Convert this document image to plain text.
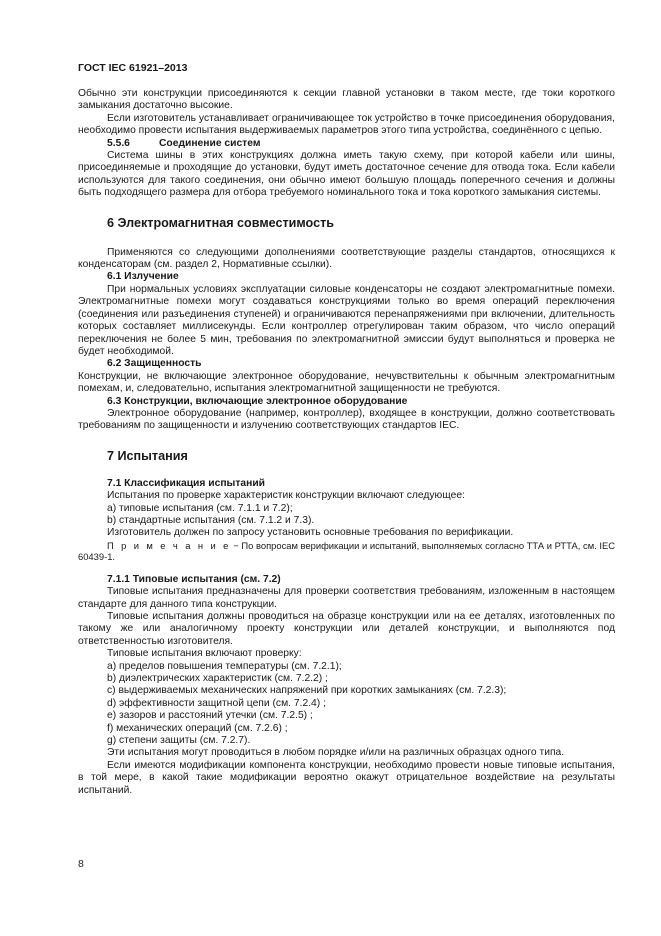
ГОСТ IEC 61921–2013

Обычно эти конструкции присоединяются к секции главной установки в таком месте, где токи короткого замыкания достаточно высокие.

Если изготовитель устанавливает ограничивающее ток устройство в точке присоединения оборудования, необходимо провести испытания выдерживаемых параметров этого типа устройства, соединённого с цепью.

5.5.6	Соединение систем

Система шины в этих конструкциях должна иметь такую схему, при которой кабели или шины, присоединяемые и проходящие до установки, будут иметь достаточное сечение для отвода тока. Если кабели используются для такого соединения, они обычно имеют большую площадь поперечного сечения и должны быть подходящего размера для отбора требуемого номинального тока и тока короткого замыкания системы.

6 Электромагнитная совместимость

Применяются со следующими дополнениями соответствующие разделы стандартов, относящихся к конденсаторам (см. раздел 2, Нормативные ссылки).

6.1 Излучение

При нормальных условиях эксплуатации силовые конденсаторы не создают электромагнитные помехи. Электромагнитные помехи могут создаваться конструкциями только во время операций переключения (соединения или разъединения ступеней) и ограничиваются перенапряжениями при включении, длительность которых составляет миллисекунды. Если контроллер отрегулирован таким образом, что число операций переключения не более 5 мин, требования по электромагнитной эмиссии будут выполняться и проверка не будет необходимой.

6.2 Защищенность

Конструкции, не включающие электронное оборудование, нечувствительны к обычным электромагнитным помехам, и, следовательно, испытания электромагнитной защищенности не требуются.

6.3 Конструкции, включающие электронное оборудование

Электронное оборудование (например, контроллер), входящее в конструкции, должно соответствовать требованиям по защищенности и излучению соответствующих стандартов IEC.

7 Испытания
7.1 Классификация испытаний

Испытания по проверке характеристик конструкции включают следующее:

a) типовые испытания (см. 7.1.1 и 7.2);

b) стандартные испытания (см. 7.1.2 и 7.3).

Изготовитель должен по запросу установить основные требования по верификации.

П р и м е ч а н и е − По вопросам верификации и испытаний, выполняемых согласно ТТА и РТТА, см. IEC 60439-1.

7.1.1 Типовые испытания (см. 7.2)

Типовые испытания предназначены для проверки соответствия требованиям, изложенным в настоящем стандарте для данного типа конструкции.

Типовые испытания должны проводиться на образце конструкции или на ее деталях, изготовленных по такому же или аналогичному проекту конструкции или деталей конструкции, и выполняются под ответственностью изготовителя.

Типовые испытания включают проверку:

a) пределов повышения температуры (см. 7.2.1);

b) диэлектрических характеристик (см. 7.2.2) ;

c) выдерживаемых механических напряжений при коротких замыканиях (см. 7.2.3);

d) эффективности защитной цепи (см. 7.2.4) ;

e) зазоров и расстояний утечки (см. 7.2.5) ;

f) механических операций (см. 7.2.6) ;

g) степени защиты (см. 7.2.7).

Эти испытания могут проводиться в любом порядке и/или на различных образцах одного типа.

Если имеются модификации компонента конструкции, необходимо провести новые типовые испытания, в той мере, в какой такие модификации вероятно окажут отрицательное воздействие на результаты испытаний.

8
